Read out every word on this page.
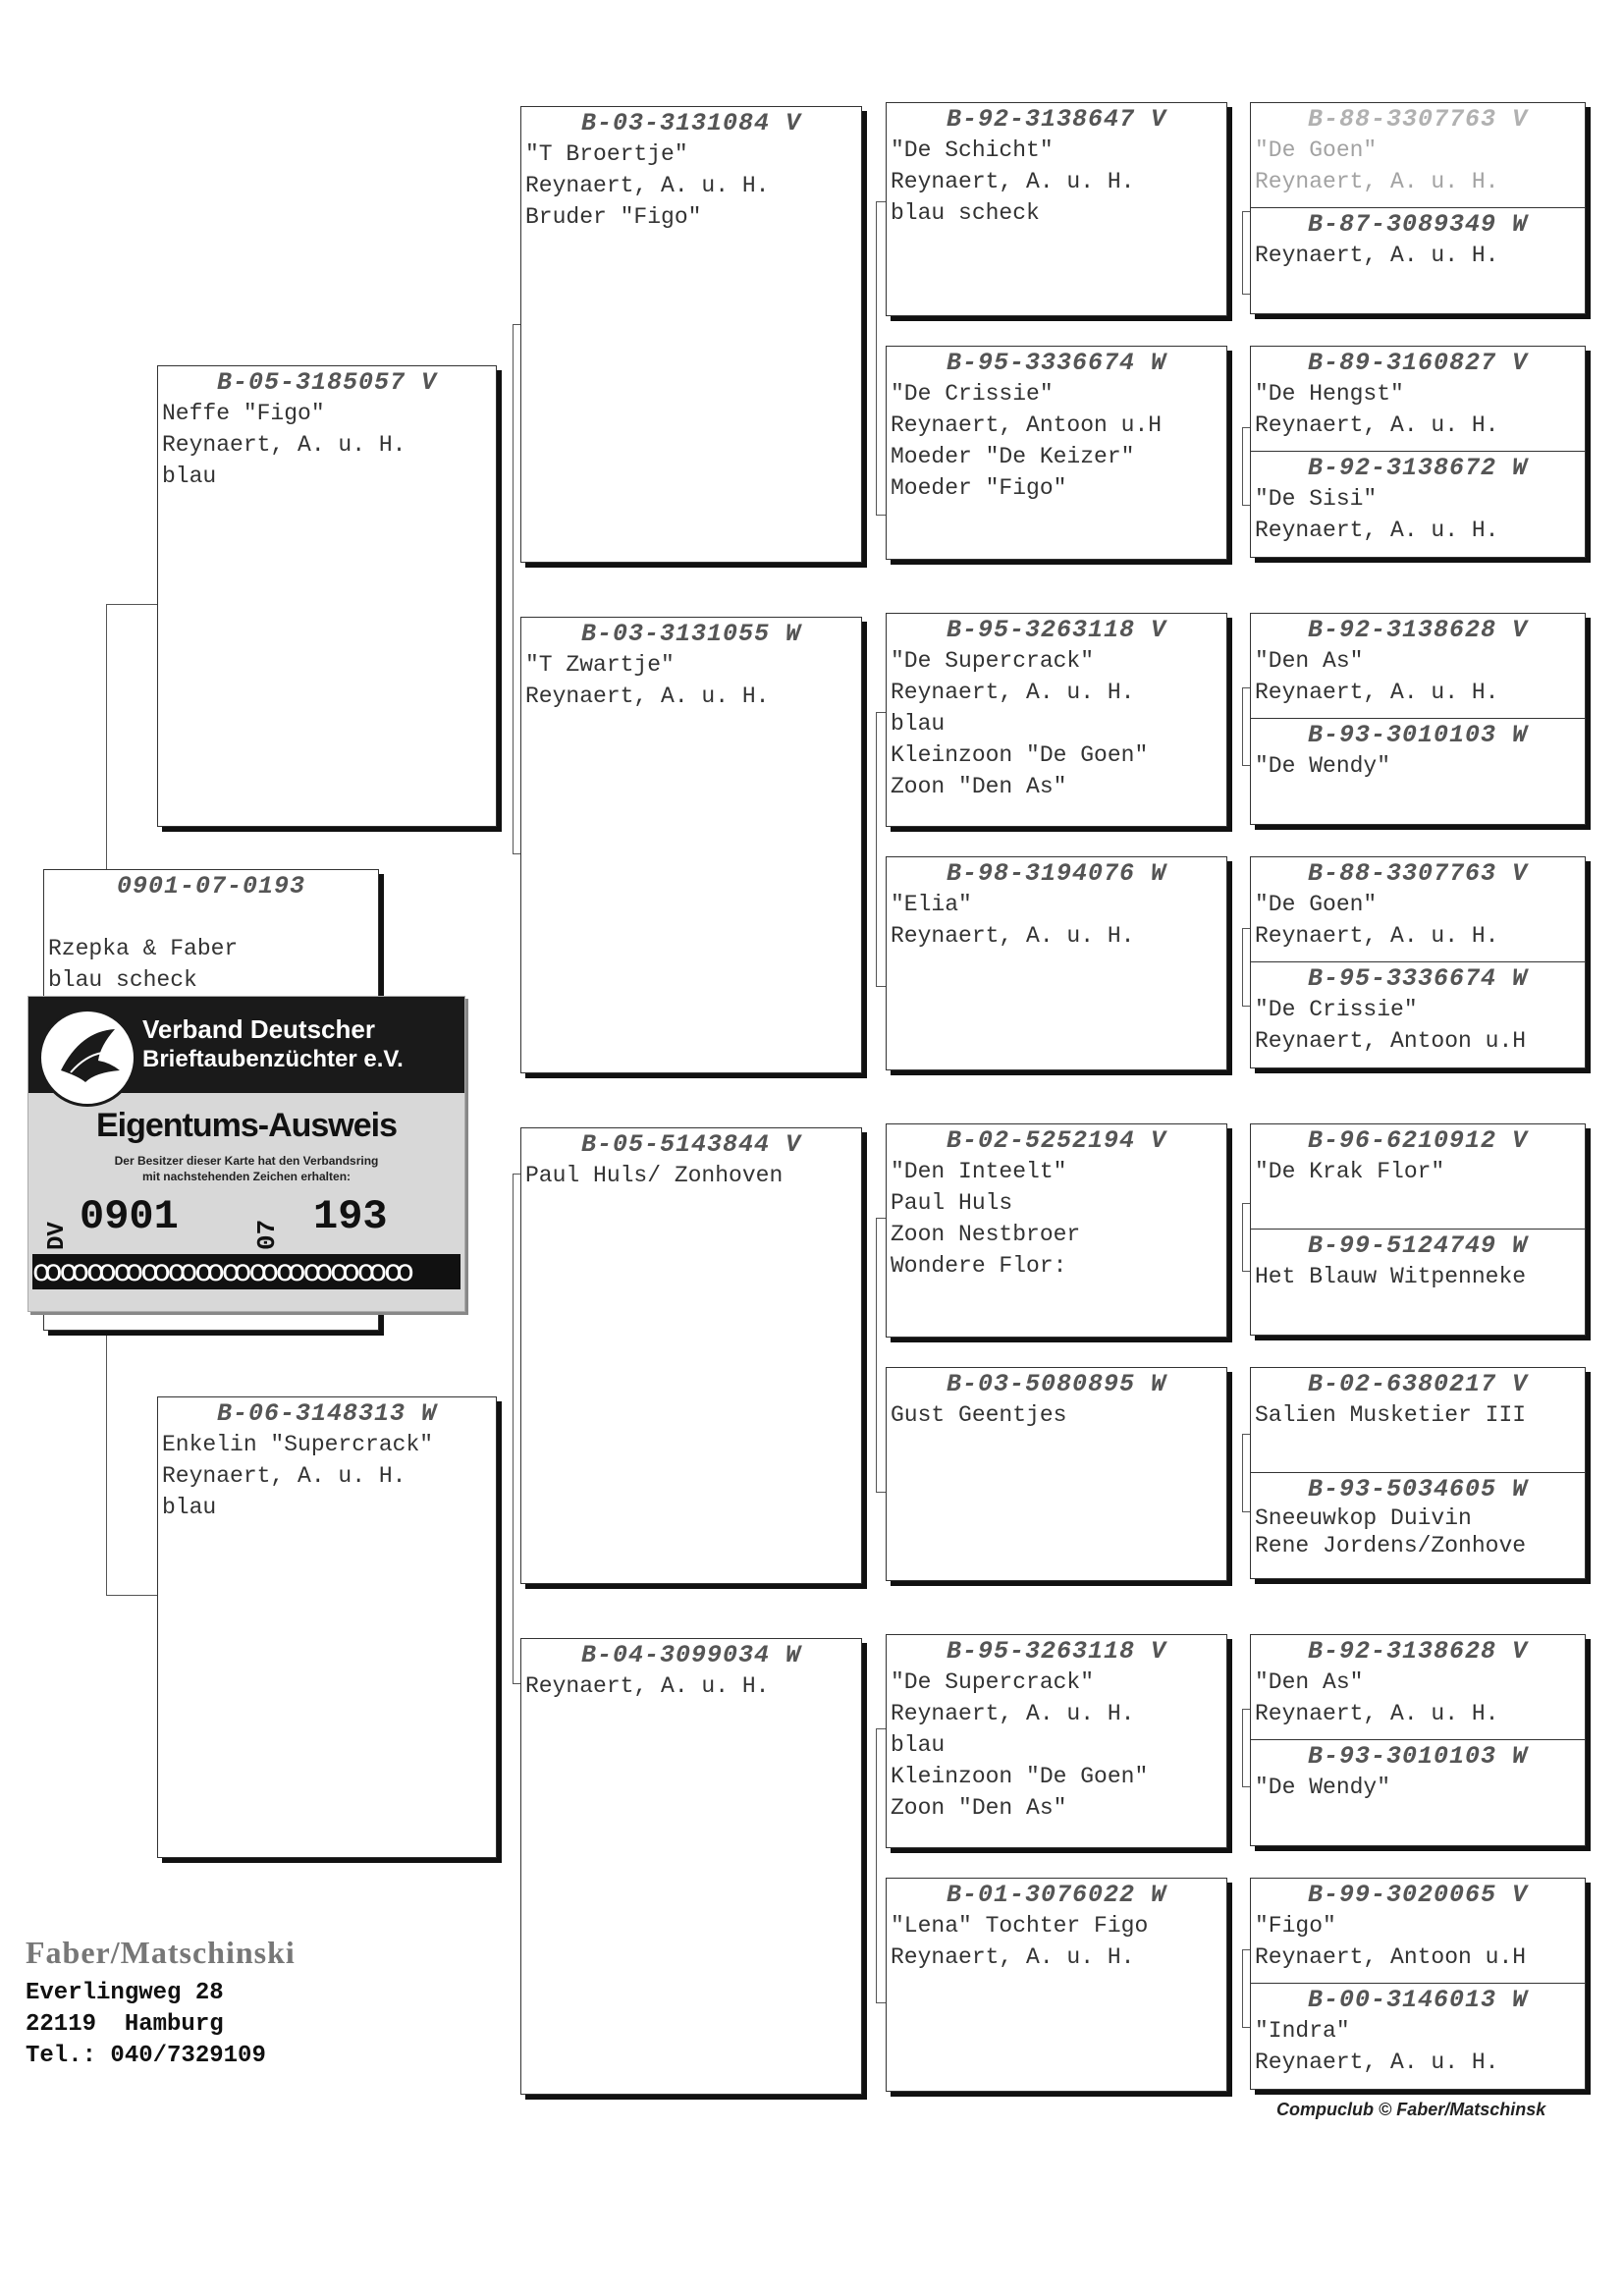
0901-07-0193

Rzepka & Faber
blau scheck
Verband Deutscher
Brieftaubenzüchter e.V.
Eigentums-Ausweis
Der Besitzer dieser Karte hat den Verbandsring
mit nachstehenden Zeichen erhalten:
DV 0901	07 193
ꝏꝏꝏꝏꝏꝏꝏꝏꝏꝏꝏꝏꝏꝏ
B-05-3185057 V
Neffe "Figo"
Reynaert, A. u. H.
blau
B-06-3148313 W
Enkelin "Supercrack"
Reynaert, A. u. H.
blau
B-03-3131084 V
"T Broertje"
Reynaert, A. u. H.
Bruder "Figo"
B-03-3131055 W
"T Zwartje"
Reynaert, A. u. H.
B-05-5143844 V
Paul Huls/ Zonhoven
B-04-3099034 W
Reynaert, A. u. H.
B-92-3138647 V
"De Schicht"
Reynaert, A. u. H.
blau scheck
B-95-3336674 W
"De Crissie"
Reynaert, Antoon u.H
Moeder "De Keizer"
Moeder "Figo"
B-95-3263118 V
"De Supercrack"
Reynaert, A. u. H.
blau
Kleinzoon "De Goen"
Zoon "Den As"
B-98-3194076 W
"Elia"
Reynaert, A. u. H.
B-02-5252194 V
"Den Inteelt"
Paul Huls
Zoon Nestbroer
Wondere Flor:
B-03-5080895 W
Gust Geentjes
B-95-3263118 V
"De Supercrack"
Reynaert, A. u. H.
blau
Kleinzoon "De Goen"
Zoon "Den As"
B-01-3076022 W
"Lena" Tochter Figo
Reynaert, A. u. H.
B-88-3307763 V
"De Goen"
Reynaert, A. u. H.
B-87-3089349 W
Reynaert, A. u. H.
B-89-3160827 V
"De Hengst"
Reynaert, A. u. H.
B-92-3138672 W
"De Sisi"
Reynaert, A. u. H.
B-92-3138628 V
"Den As"
Reynaert, A. u. H.
B-93-3010103 W
"De Wendy"
B-88-3307763 V
"De Goen"
Reynaert, A. u. H.
B-95-3336674 W
"De Crissie"
Reynaert, Antoon u.H
B-96-6210912 V
"De Krak Flor"
B-99-5124749 W
Het Blauw Witpenneke
B-02-6380217 V
Salien Musketier III
B-93-5034605 W
Sneeuwkop Duivin
Rene Jordens/Zonhove
B-92-3138628 V
"Den As"
Reynaert, A. u. H.
B-93-3010103 W
"De Wendy"
B-99-3020065 V
"Figo"
Reynaert, Antoon u.H
B-00-3146013 W
"Indra"
Reynaert, A. u. H.
Faber/Matschinski
Everlingweg 28
22119  Hamburg
Tel.: 040/7329109
Compuclub © Faber/Matschinsk
